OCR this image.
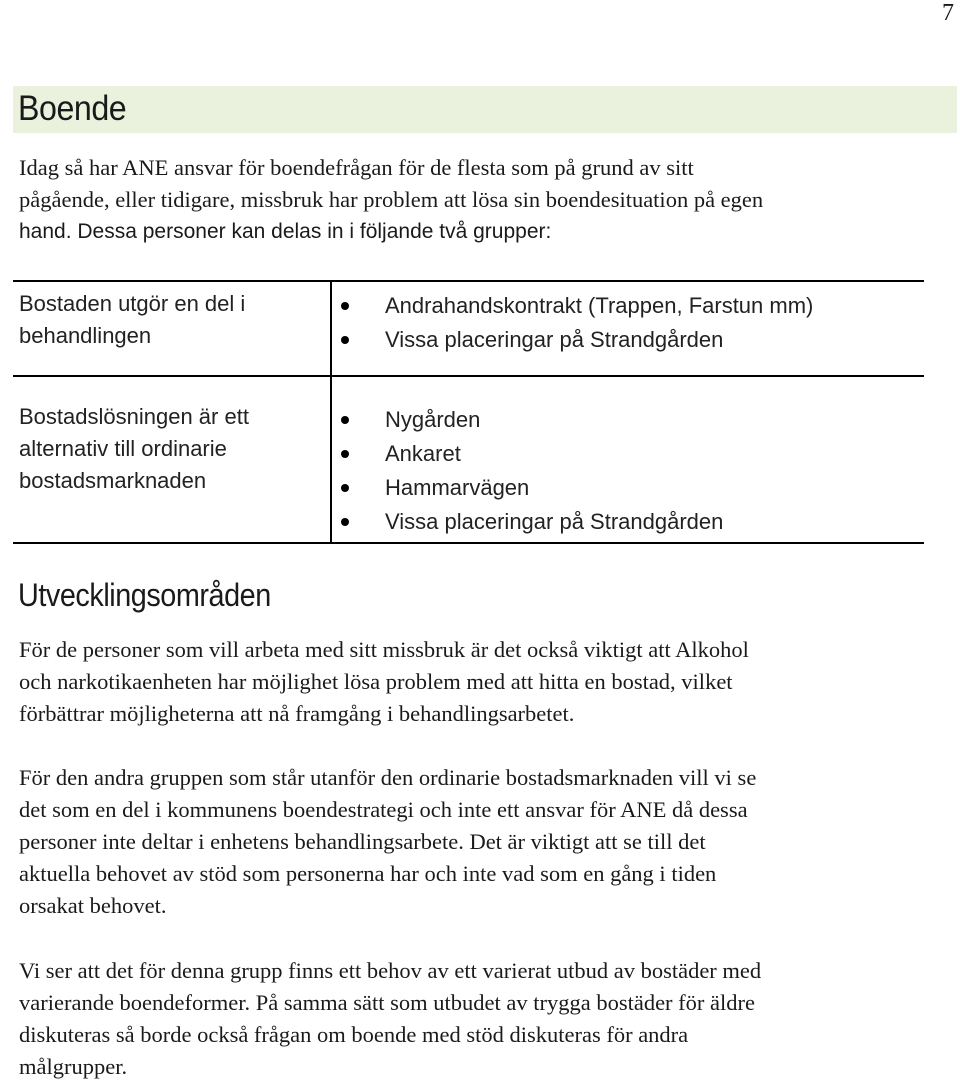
7
Boende
Idag så har ANE ansvar för boendefrågan för de flesta som på grund av sitt
pågående, eller tidigare, missbruk har problem att lösa sin boendesituation på egen
hand. Dessa personer kan delas in i följande två grupper:
Bostaden utgör en del i
behandlingen
Andrahandskontrakt (Trappen, Farstun mm)
Vissa placeringar på Strandgården
Bostadslösningen är ett
alternativ till ordinarie
bostadsmarknaden
Nygården
Ankaret
Hammarvägen
Vissa placeringar på Strandgården
Utvecklingsområden
För de personer som vill arbeta med sitt missbruk är det också viktigt att Alkohol
och narkotikaenheten har möjlighet lösa problem med att hitta en bostad, vilket
förbättrar möjligheterna att nå framgång i behandlingsarbetet.
För den andra gruppen som står utanför den ordinarie bostadsmarknaden vill vi se
det som en del i kommunens boendestrategi och inte ett ansvar för ANE då dessa
personer inte deltar i enhetens behandlingsarbete. Det är viktigt att se till det
aktuella behovet av stöd som personerna har och inte vad som en gång i tiden
orsakat behovet.
Vi ser att det för denna grupp finns ett behov av ett varierat utbud av bostäder med
varierande boendeformer. På samma sätt som utbudet av trygga bostäder för äldre
diskuteras så borde också frågan om boende med stöd diskuteras för andra
målgrupper.
